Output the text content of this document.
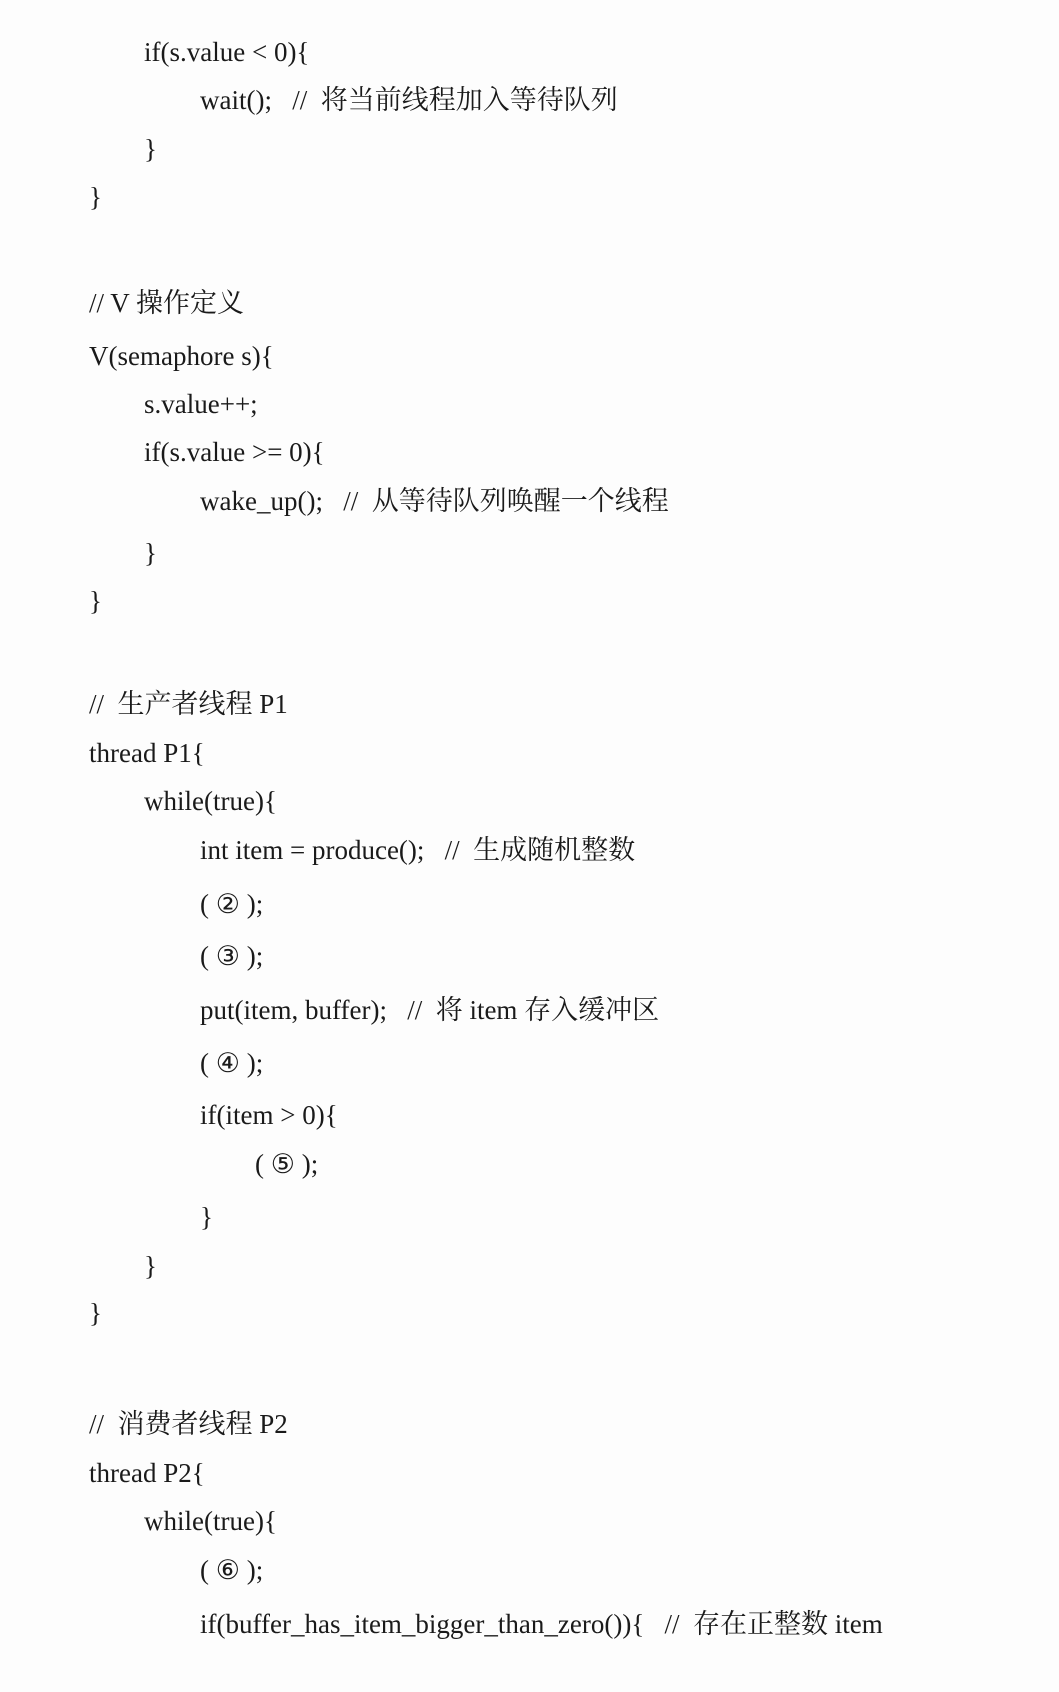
if(s.value < 0){
wait();   //  将当前线程加入等待队列
}
}
// V 操作定义
V(semaphore s){
s.value++;
if(s.value >= 0){
wake_up();   //  从等待队列唤醒一个线程
}
}
//  生产者线程 P1
thread P1{
while(true){
int item = produce();   //  生成随机整数
( ② );
( ③ );
put(item, buffer);   //  将 item 存入缓冲区
( ④ );
if(item > 0){
( ⑤ );
}
}
}
//  消费者线程 P2
thread P2{
while(true){
( ⑥ );
if(buffer_has_item_bigger_than_zero()){   //  存在正整数 item
